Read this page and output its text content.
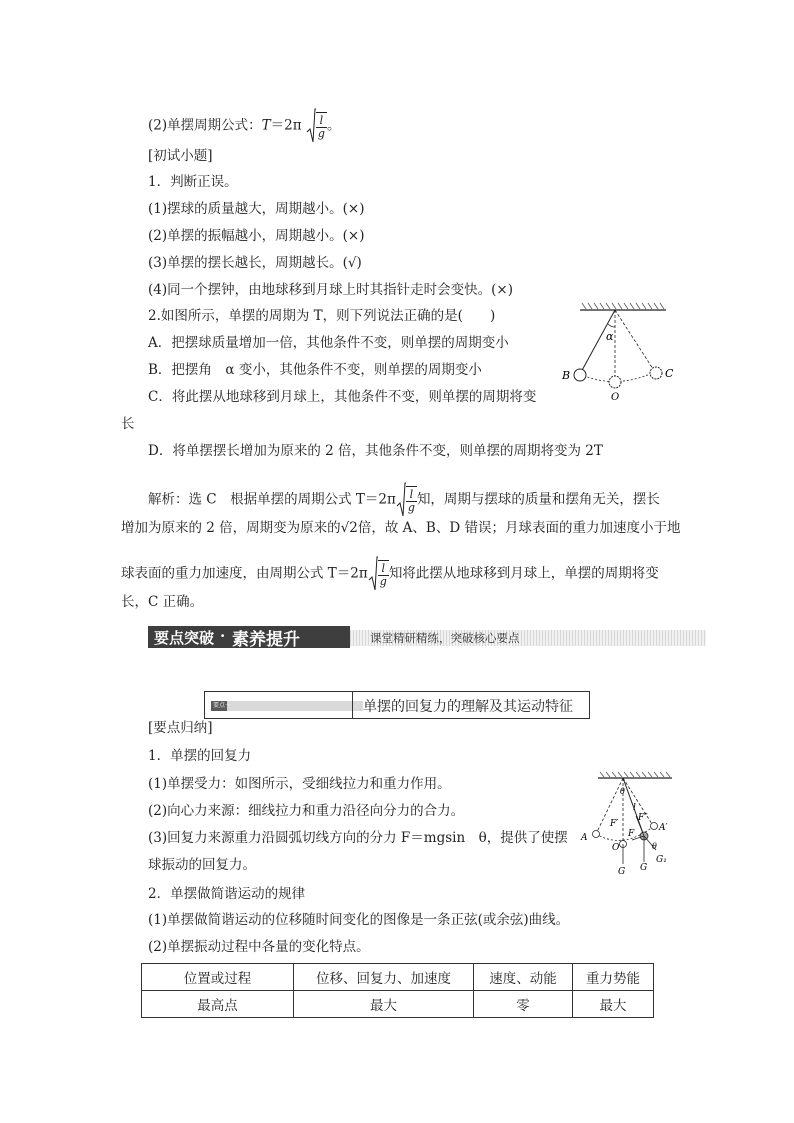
(2)单摆周期公式：$T=2\pi \frac{l}{g}$ 。
[初试小题]
1．判断正误。
(1)摆球的质量越大，周期越小。(×)
(2)单摆的振幅越小，周期越小。(×)
(3)单摆的摆长越长，周期越长。(√)
(4)同一个摆钟，由地球移到月球上时其指针走时会变快。(×)
2.如图所示，单摆的周期为 T，则下列说法正确的是(　　)
A．把摆球质量增加一倍，其他条件不变，则单摆的周期变小
B．把摆角　α 变小，其他条件不变，则单摆的周期变小
C．将此摆从地球移到月球上，其他条件不变，则单摆的周期将变
长
D．将单摆摆长增加为原来的 2 倍，其他条件不变，则单摆的周期将变为 2T
α
B
O
C
解析：选 C　根据单摆的周期公式 $T=2\pi \frac{l}{g}$ 知，周期与摆球的质量和摆角无关，摆长
增加为原来的 2 倍，周期变为原来的√2倍，故 A、B、D 错误；月球表面的重力加速度小于地
球表面的重力加速度，由周期公式 $T=2\pi \frac{l}{g}$ 知将此摆从地球移到月球上，单摆的周期将变
长，C 正确。
要点突破 · 素养提升	课堂精研精练，突破核心要点
要点一	单摆的回复力的理解及其运动特征
[要点归纳]
1．单摆的回复力
(1)单摆受力：如图所示，受细线拉力和重力作用。
(2)向心力来源：细线拉力和重力沿径向分力的合力。
(3)回复力来源重力沿圆弧切线方向的分力 F＝mgsin　θ，提供了使摆
球振动的回复力。
2．单摆做简谐运动的规律
(1)单摆做简谐运动的位移随时间变化的图像是一条正弦(或余弦)曲线。
(2)单摆振动过程中各量的变化特点。
θ
l
F′
F″
F
A
A′
O
G G
G₁
θ
位置或过程	位移、回复力、加速度	速度、动能	重力势能
最高点	最大	零	最大
